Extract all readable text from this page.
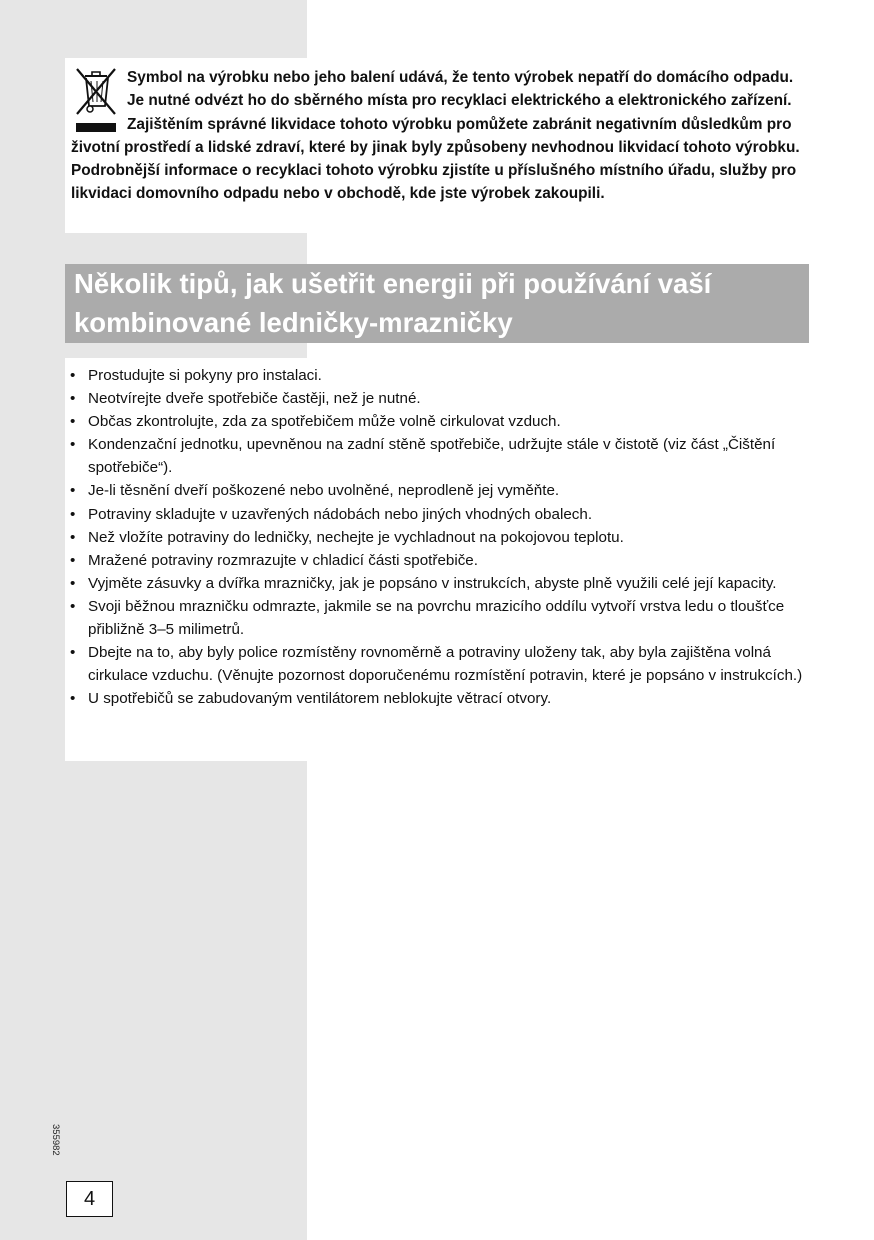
Symbol na výrobku nebo jeho balení udává, že tento výrobek nepatří do domácího odpadu. Je nutné odvézt ho do sběrného místa pro recyklaci elektrického a elektronického zařízení. Zajištěním správné likvidace tohoto výrobku pomůžete zabránit negativním důsledkům pro životní prostředí a lidské zdraví, které by jinak byly způsobeny nevhodnou likvidací tohoto výrobku. Podrobnější informace o recyklaci tohoto výrobku zjistíte u příslušného místního úřadu, služby pro likvidaci domovního odpadu nebo v obchodě, kde jste výrobek zakoupili.

Několik tipů, jak ušetřit energii při používání vaší
kombinované ledničky-mrazničky
• Prostudujte si pokyny pro instalaci.
• Neotvírejte dveře spotřebiče častěji, než je nutné.
• Občas zkontrolujte, zda za spotřebičem může volně cirkulovat vzduch.
• Kondenzační jednotku, upevněnou na zadní stěně spotřebiče, udržujte stále v čistotě (viz část „Čištění spotřebiče“).
• Je-li těsnění dveří poškozené nebo uvolněné, neprodleně jej vyměňte.
• Potraviny skladujte v uzavřených nádobách nebo jiných vhodných obalech.
• Než vložíte potraviny do ledničky, nechejte je vychladnout na pokojovou teplotu.
• Mražené potraviny rozmrazujte v chladicí části spotřebiče.
• Vyjměte zásuvky a dvířka mrazničky, jak je popsáno v instrukcích, abyste plně využili celé její kapacity.
• Svoji běžnou mrazničku odmrazte, jakmile se na povrchu mrazicího oddílu vytvoří vrstva ledu o tloušťce přibližně 3–5 milimetrů.
• Dbejte na to, aby byly police rozmístěny rovnoměrně a potraviny uloženy tak, aby byla zajištěna volná cirkulace vzduchu. (Věnujte pozornost doporučenému rozmístění potravin, které je popsáno v instrukcích.)
• U spotřebičů se zabudovaným ventilátorem neblokujte větrací otvory.
355982
4
